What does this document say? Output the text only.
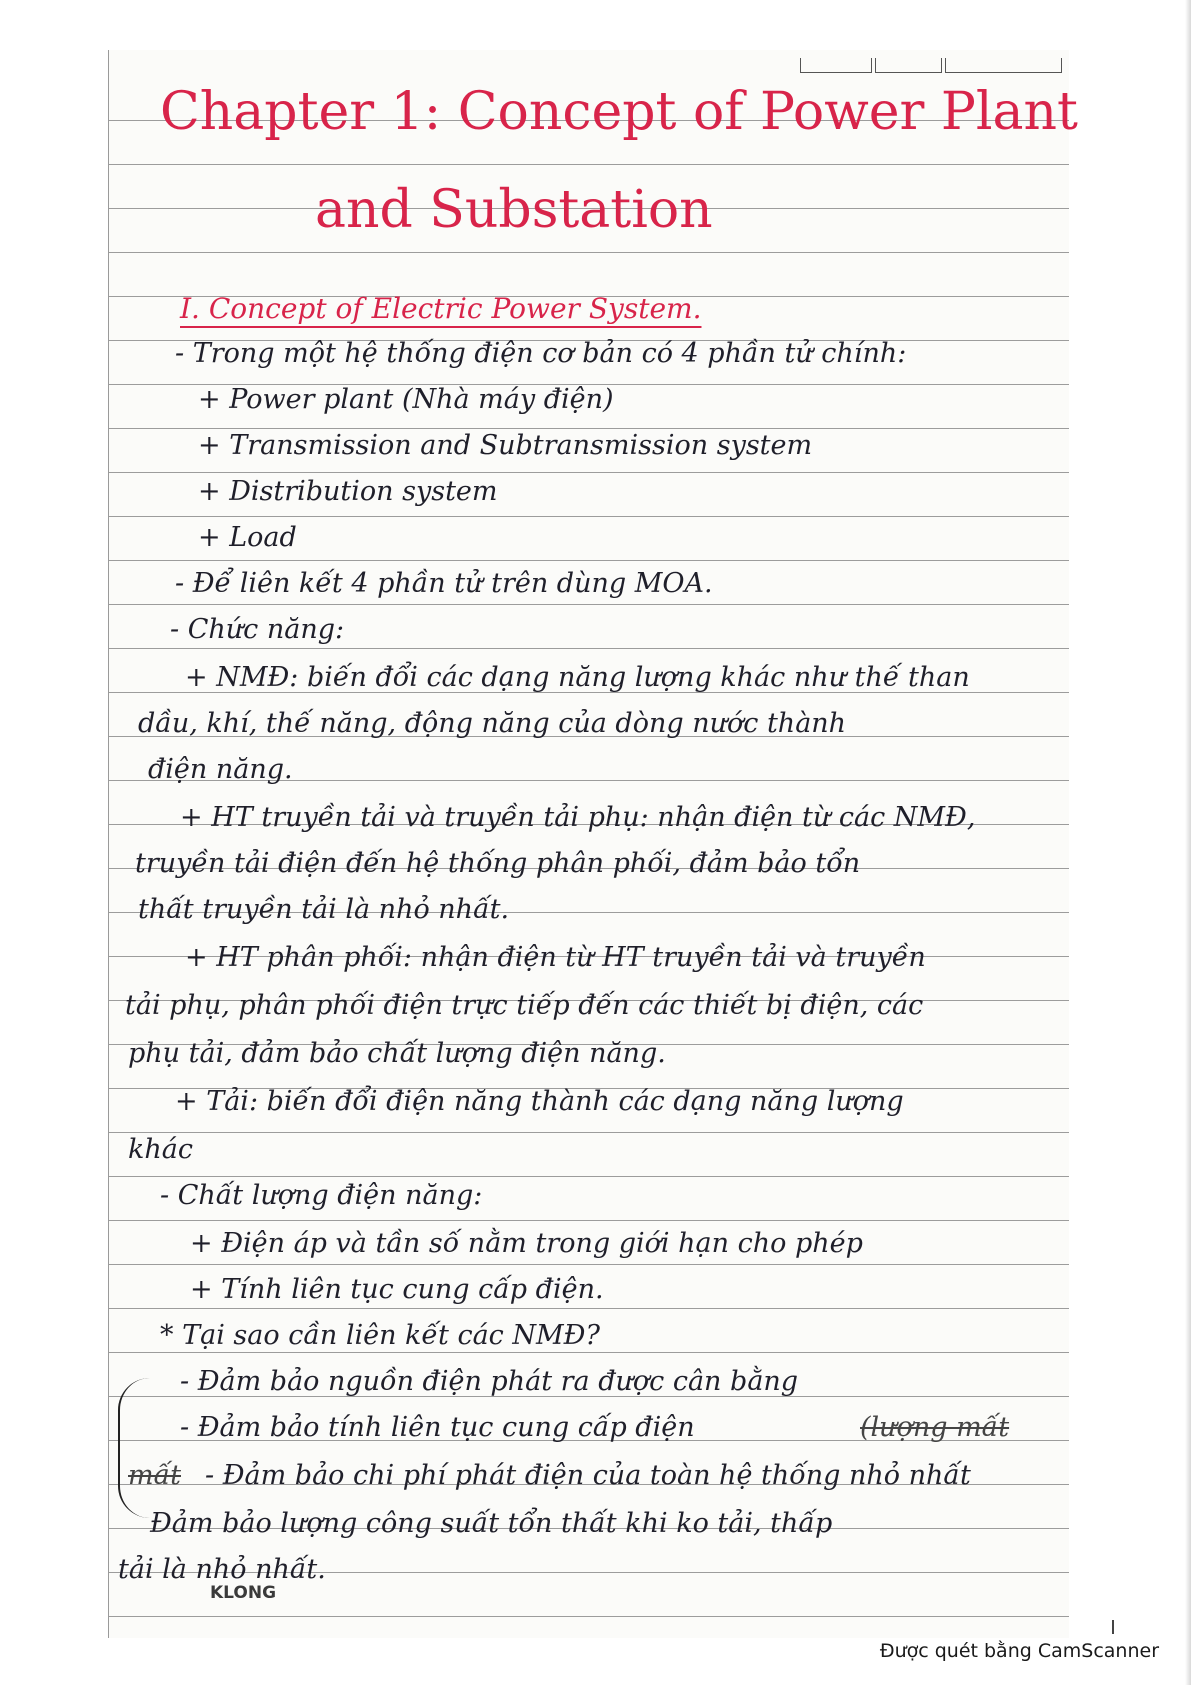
Chapter 1: Concept of Power Plant
and Substation
I. Concept of Electric Power System.
- Trong một hệ thống điện cơ bản có 4 phần tử chính:
+ Power plant (Nhà máy điện)
+ Transmission and Subtransmission system
+ Distribution system
+ Load
- Để liên kết 4 phần tử trên dùng MOA.
- Chức năng:
+ NMĐ: biến đổi các dạng năng lượng khác như thế than
dầu, khí, thế năng, động năng của dòng nước thành
điện năng.
+ HT truyền tải và truyền tải phụ: nhận điện từ các NMĐ,
truyền tải điện đến hệ thống phân phối, đảm bảo tổn
thất truyền tải là nhỏ nhất.
+ HT phân phối: nhận điện từ HT truyền tải và truyền
tải phụ, phân phối điện trực tiếp đến các thiết bị điện, các
phụ tải, đảm bảo chất lượng điện năng.
+ Tải: biến đổi điện năng thành các dạng năng lượng
khác
- Chất lượng điện năng:
+ Điện áp và tần số nằm trong giới hạn cho phép
+ Tính liên tục cung cấp điện.
* Tại sao cần liên kết các NMĐ?
- Đảm bảo nguồn điện phát ra được cân bằng
- Đảm bảo tính liên tục cung cấp điện	(lượng mất
mất - Đảm bảo chi phí phát điện của toàn hệ thống nhỏ nhất
Đảm bảo lượng công suất tổn thất khi ko tải, thấp
tải là nhỏ nhất.
KLONG
Được quét bằng CamScanner
